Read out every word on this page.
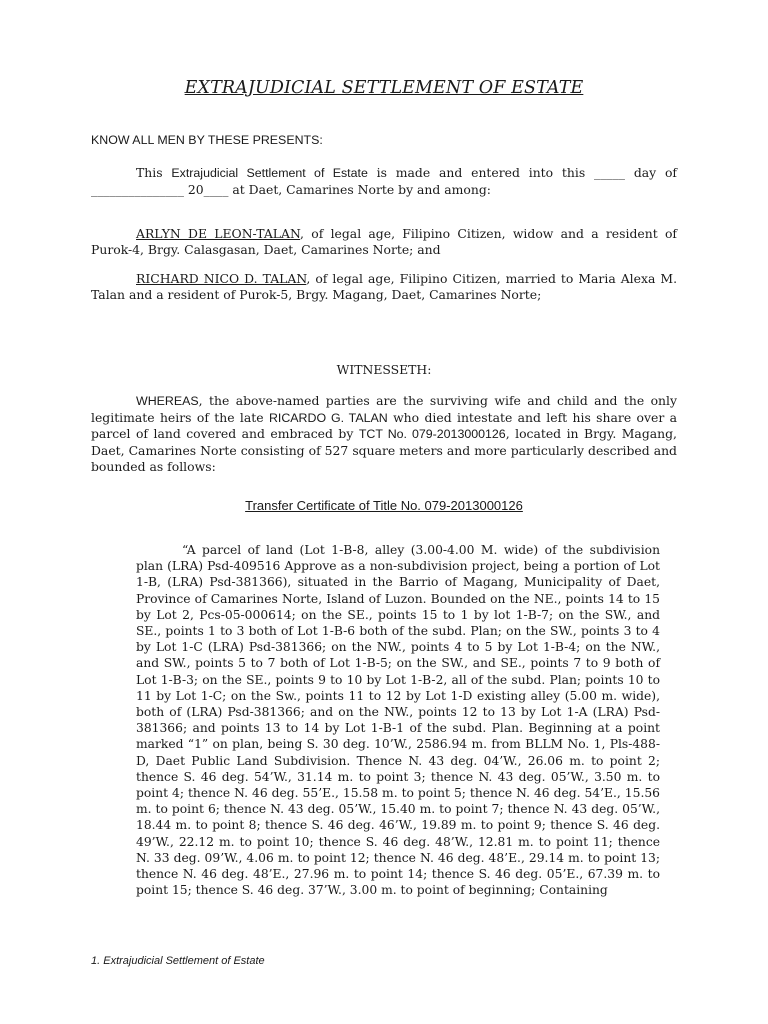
EXTRAJUDICIAL SETTLEMENT OF ESTATE

KNOW ALL MEN BY THESE PRESENTS:

This Extrajudicial Settlement of Estate is made and entered into this _____ day of _______________ 20____ at Daet, Camarines Norte by and among:

ARLYN DE LEON-TALAN, of legal age, Filipino Citizen, widow and a resident of Purok-4, Brgy. Calasgasan, Daet, Camarines Norte; and

RICHARD NICO D. TALAN, of legal age, Filipino Citizen, married to Maria Alexa M. Talan and a resident of Purok-5, Brgy. Magang, Daet, Camarines Norte;

WITNESSETH:

WHEREAS, the above-named parties are the surviving wife and child and the only legitimate heirs of the late RICARDO G. TALAN who died intestate and left his share over a parcel of land covered and embraced by TCT No. 079-2013000126, located in Brgy. Magang, Daet, Camarines Norte consisting of 527 square meters and more particularly described and bounded as follows:

Transfer Certificate of Title No. 079-2013000126

“A parcel of land (Lot 1-B-8, alley (3.00-4.00 M. wide) of the subdivision plan (LRA) Psd-409516 Approve as a non-subdivision project, being a portion of Lot 1-B, (LRA) Psd-381366), situated in the Barrio of Magang, Municipality of Daet, Province of Camarines Norte, Island of Luzon. Bounded on the NE., points 14 to 15 by Lot 2, Pcs-05-000614; on the SE., points 15 to 1 by lot 1-B-7; on the SW., and SE., points 1 to 3 both of Lot 1-B-6 both of the subd. Plan; on the SW., points 3 to 4 by Lot 1-C (LRA) Psd-381366; on the NW., points 4 to 5 by Lot 1-B-4; on the NW., and SW., points 5 to 7 both of Lot 1-B-5; on the SW., and SE., points 7 to 9 both of Lot 1-B-3; on the SE., points 9 to 10 by Lot 1-B-2, all of the subd. Plan; points 10 to 11 by Lot 1-C; on the Sw., points 11 to 12 by Lot 1-D existing alley (5.00 m. wide), both of (LRA) Psd-381366; and on the NW., points 12 to 13 by Lot 1-A (LRA) Psd-381366; and points 13 to 14 by Lot 1-B-1 of the subd. Plan. Beginning at a point marked “1” on plan, being S. 30 deg. 10’W., 2586.94 m. from BLLM No. 1, Pls-488-D, Daet Public Land Subdivision. Thence N. 43 deg. 04’W., 26.06 m. to point 2; thence S. 46 deg. 54’W., 31.14 m. to point 3; thence N. 43 deg. 05’W., 3.50 m. to point 4; thence N. 46 deg. 55’E., 15.58 m. to point 5; thence N. 46 deg. 54’E., 15.56 m. to point 6; thence N. 43 deg. 05’W., 15.40 m. to point 7; thence N. 43 deg. 05’W., 18.44 m. to point 8; thence S. 46 deg. 46’W., 19.89 m. to point 9; thence S. 46 deg. 49’W., 22.12 m. to point 10; thence S. 46 deg. 48’W., 12.81 m. to point 11; thence N. 33 deg. 09’W., 4.06 m. to point 12; thence N. 46 deg. 48’E., 29.14 m. to point 13; thence N. 46 deg. 48’E., 27.96 m. to point 14; thence S. 46 deg. 05’E., 67.39 m. to point 15; thence S. 46 deg. 37’W., 3.00 m. to point of beginning; Containing

1. Extrajudicial Settlement of Estate
